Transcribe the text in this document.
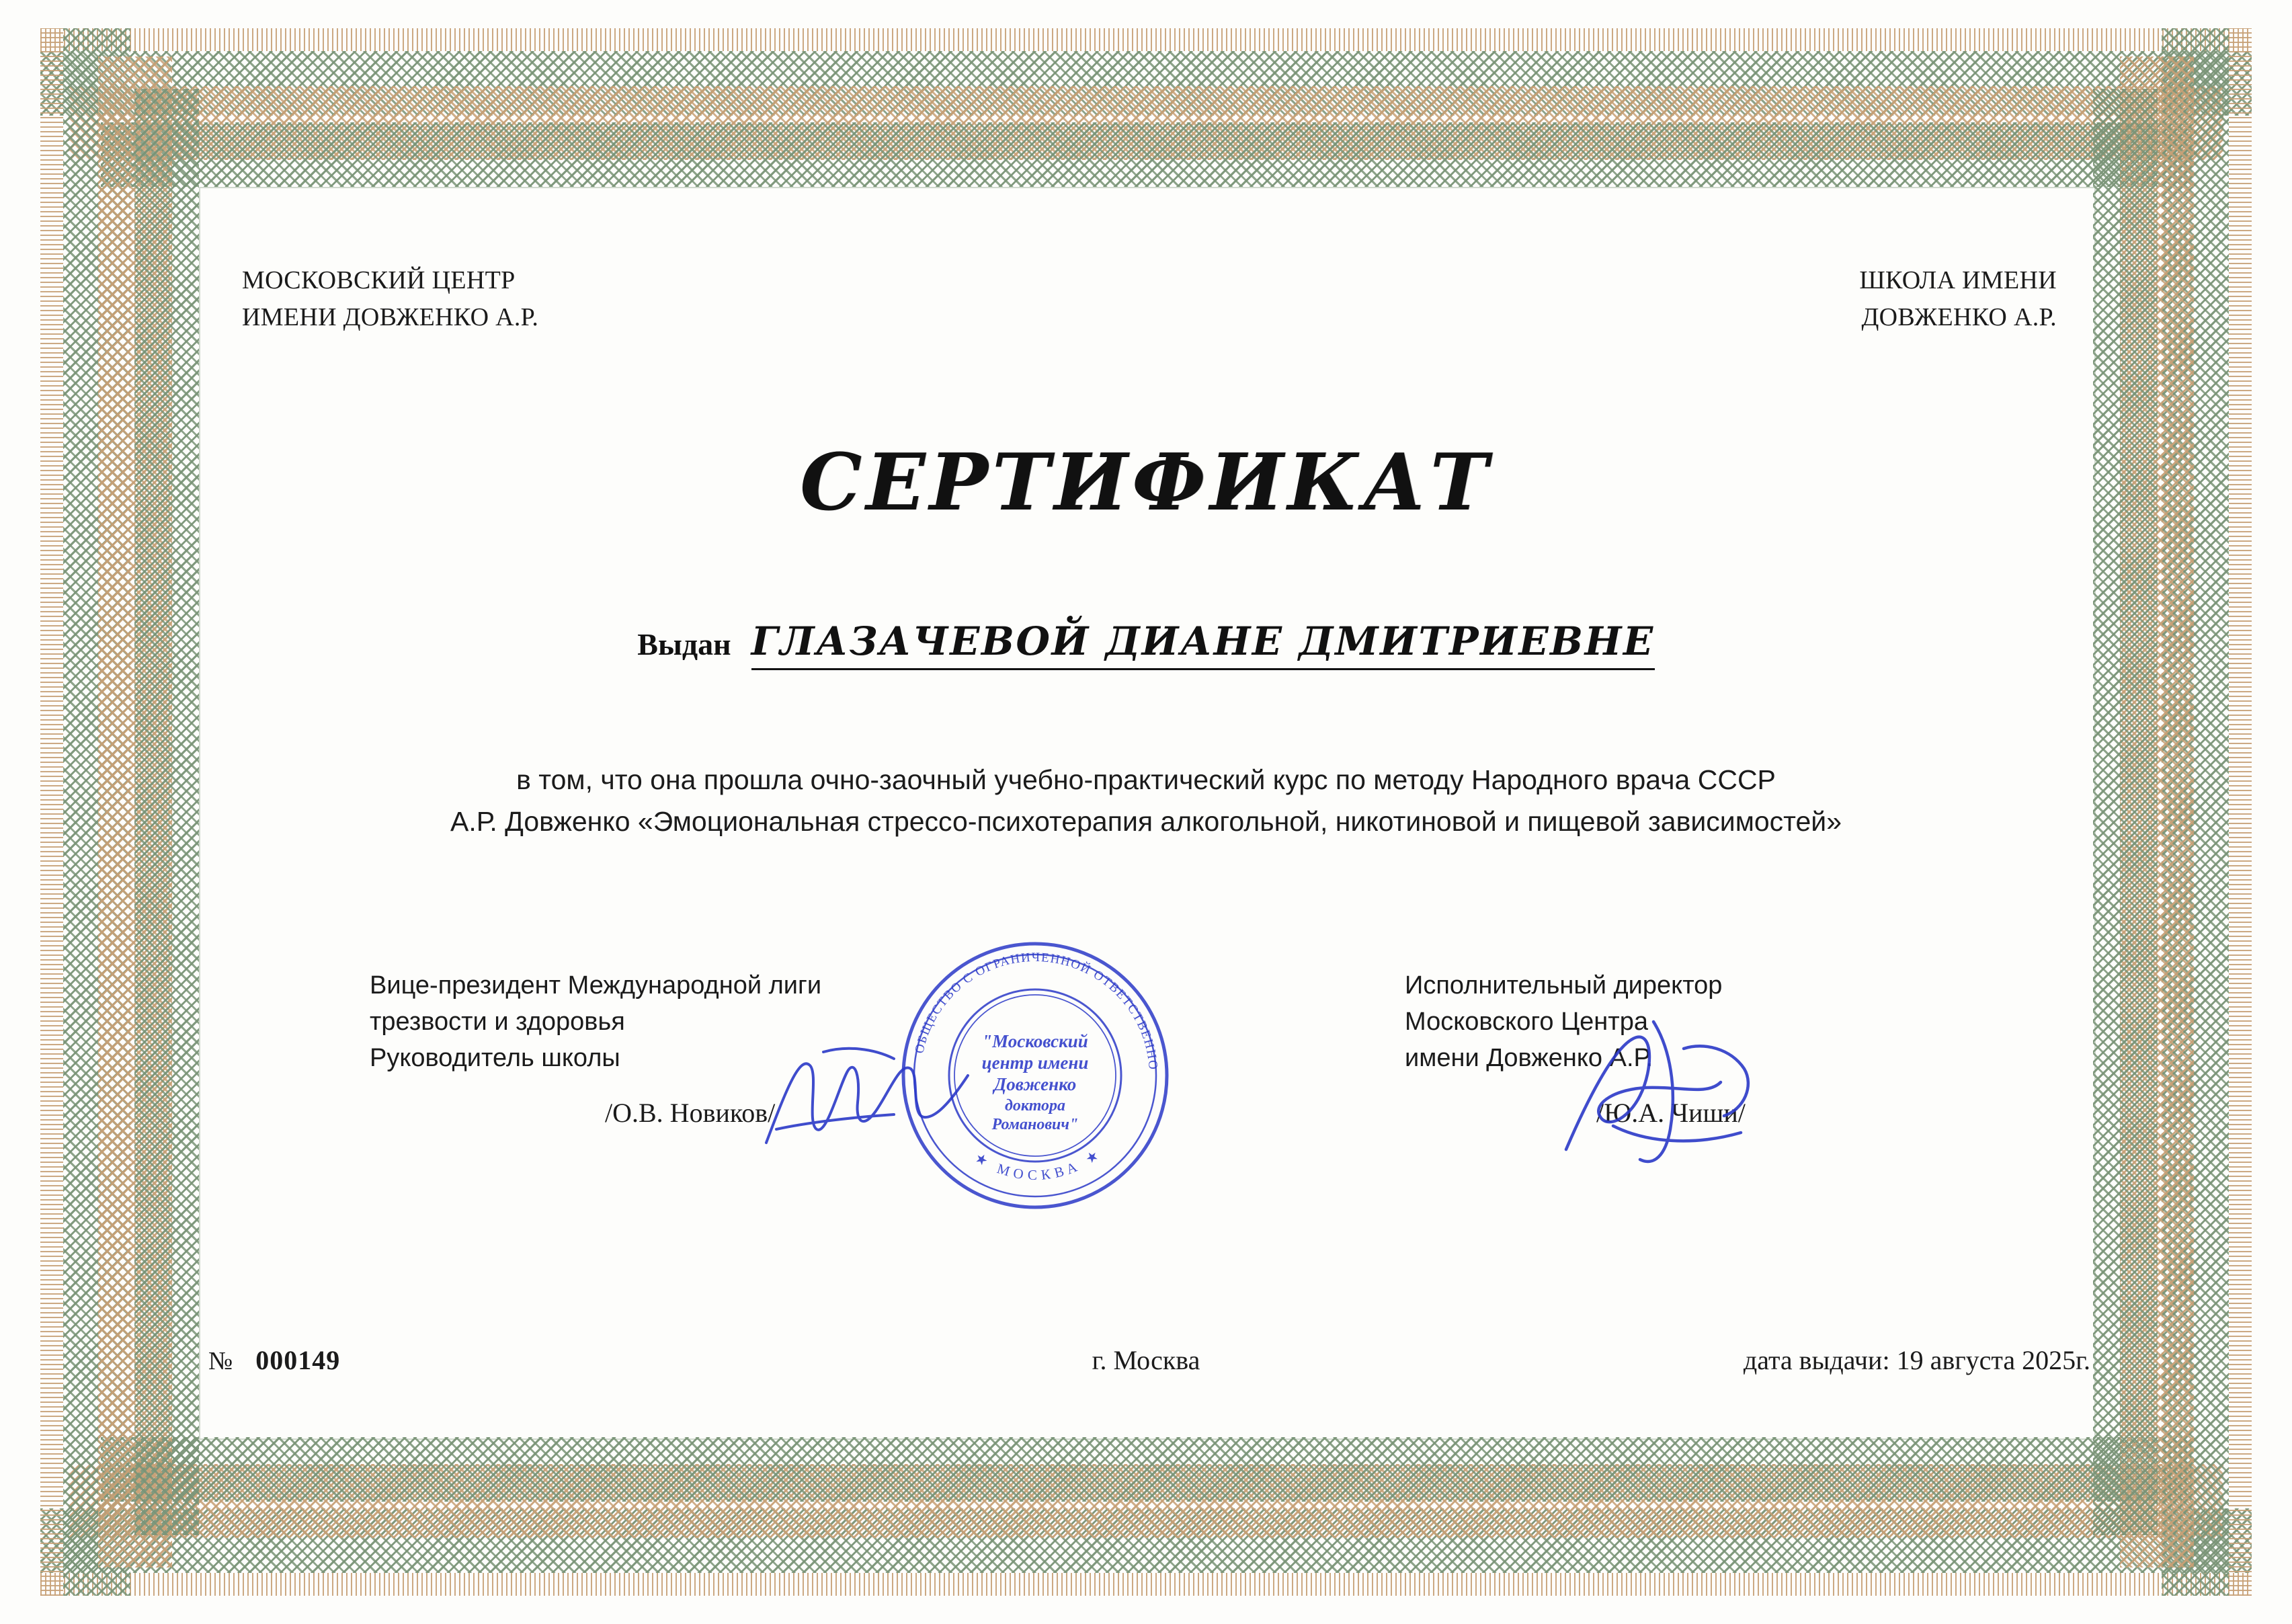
МОСКОВСКИЙ ЦЕНТР
ИМЕНИ ДОВЖЕНКО А.Р.
ШКОЛА ИМЕНИ
ДОВЖЕНКО А.Р.
СЕРТИФИКАТ
Выдан ГЛАЗАЧЕВОЙ ДИАНЕ ДМИТРИЕВНЕ
в том, что она прошла очно-заочный учебно-практический курс по методу Народного врача СССР
А.Р. Довженко «Эмоциональная стрессо-психотерапия алкогольной, никотиновой и пищевой зависимостей»
Вице-президент Международной лиги
трезвости и здоровья
Руководитель школы
/О.В. Новиков/
Исполнительный директор
Московского Центра
имени Довженко А.Р.
/Ю.А. Чиши/
№ 000149	г. Москва	дата выдачи: 19 августа 2025г.
ОБЩЕСТВО С ОГРАНИЧЕННОЙ ОТВЕТСТВЕННОСТЬЮ
★ МОСКВА ★
"Московский
центр имени
Довженко
доктора
Романович"
